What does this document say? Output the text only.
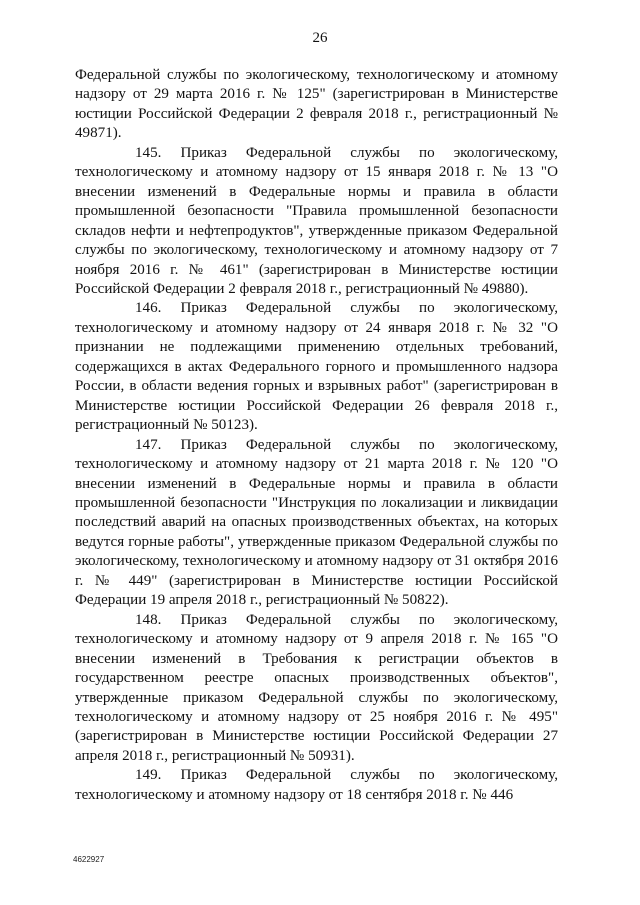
26

Федеральной службы по экологическому, технологическому и атомному надзору от 29 марта 2016 г. № 125" (зарегистрирован в Министерстве юстиции Российской Федерации 2 февраля 2018 г., регистрационный № 49871).

145. Приказ Федеральной службы по экологическому, технологическому и атомному надзору от 15 января 2018 г. № 13 "О внесении изменений в Федеральные нормы и правила в области промышленной безопасности "Правила промышленной безопасности складов нефти и нефтепродуктов", утвержденные приказом Федеральной службы по экологическому, технологическому и атомному надзору от 7 ноября 2016 г. № 461" (зарегистрирован в Министерстве юстиции Российской Федерации 2 февраля 2018 г., регистрационный № 49880).

146. Приказ Федеральной службы по экологическому, технологическому и атомному надзору от 24 января 2018 г. № 32 "О признании не подлежащими применению отдельных требований, содержащихся в актах Федерального горного и промышленного надзора России, в области ведения горных и взрывных работ" (зарегистрирован в Министерстве юстиции Российской Федерации 26 февраля 2018 г., регистрационный № 50123).

147. Приказ Федеральной службы по экологическому, технологическому и атомному надзору от 21 марта 2018 г. № 120 "О внесении изменений в Федеральные нормы и правила в области промышленной безопасности "Инструкция по локализации и ликвидации последствий аварий на опасных производственных объектах, на которых ведутся горные работы", утвержденные приказом Федеральной службы по экологическому, технологическому и атомному надзору от 31 октября 2016 г. № 449" (зарегистрирован в Министерстве юстиции Российской Федерации 19 апреля 2018 г., регистрационный № 50822).

148. Приказ Федеральной службы по экологическому, технологическому и атомному надзору от 9 апреля 2018 г. № 165 "О внесении изменений в Требования к регистрации объектов в государственном реестре опасных производственных объектов", утвержденные приказом Федеральной службы по экологическому, технологическому и атомному надзору от 25 ноября 2016 г. № 495" (зарегистрирован в Министерстве юстиции Российской Федерации 27 апреля 2018 г., регистрационный № 50931).

149. Приказ Федеральной службы по экологическому, технологическому и атомному надзору от 18 сентября 2018 г. № 446

4622927
